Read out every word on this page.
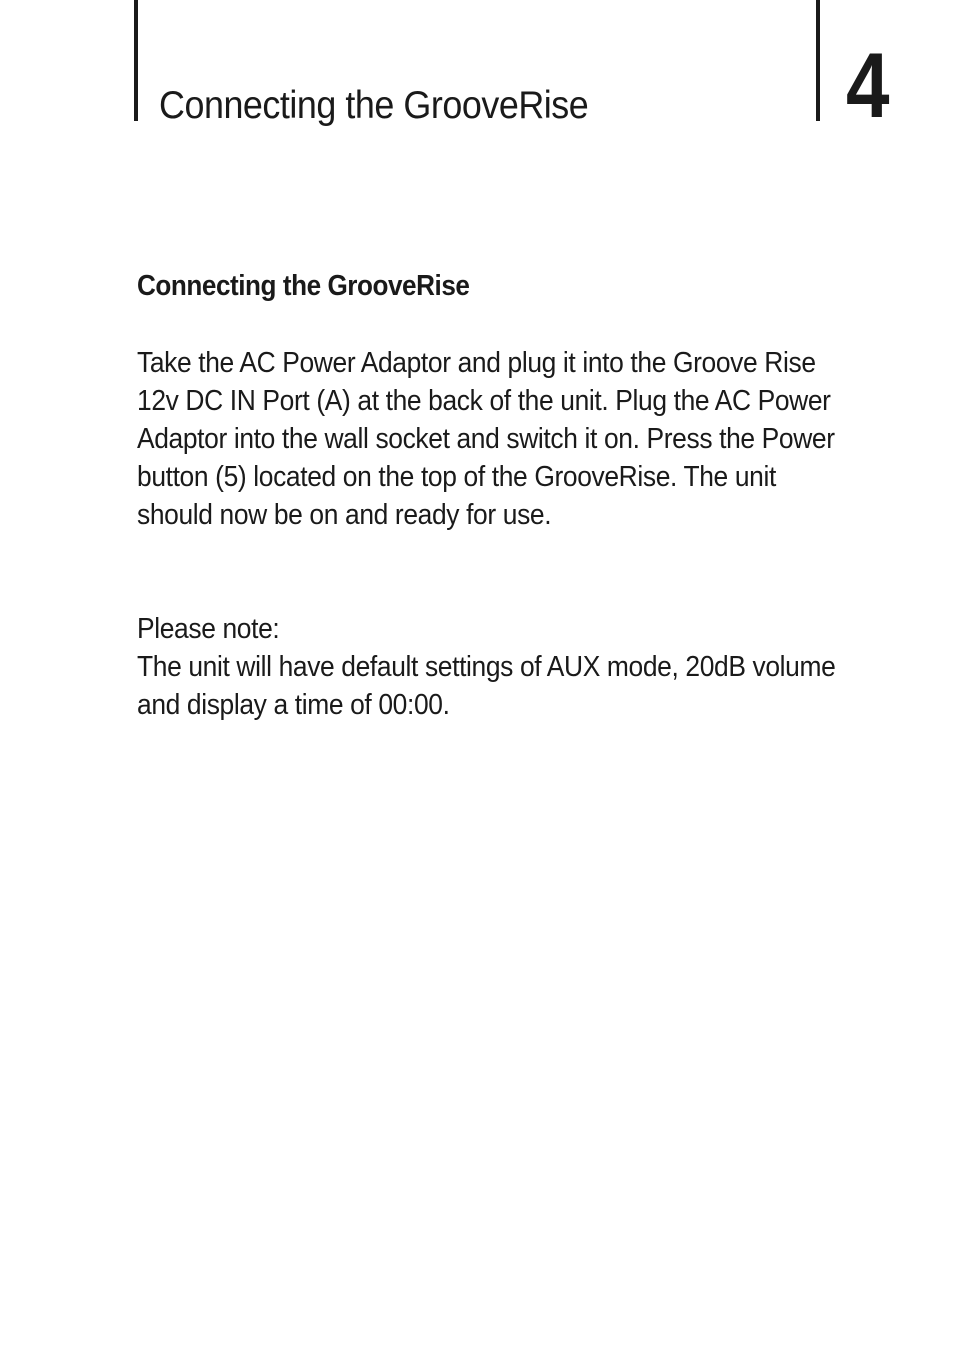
Connecting the GrooveRise	4
Connecting the GrooveRise
Take the AC Power Adaptor and plug it into the Groove Rise 12v DC IN Port (A) at the back of the unit. Plug the AC Power Adaptor into the wall socket and switch it on. Press the Power button (5) located on the top of the GrooveRise. The unit should now be on and ready for use.
Please note:
The unit will have default settings of AUX mode, 20dB volume and display a time of 00:00.
